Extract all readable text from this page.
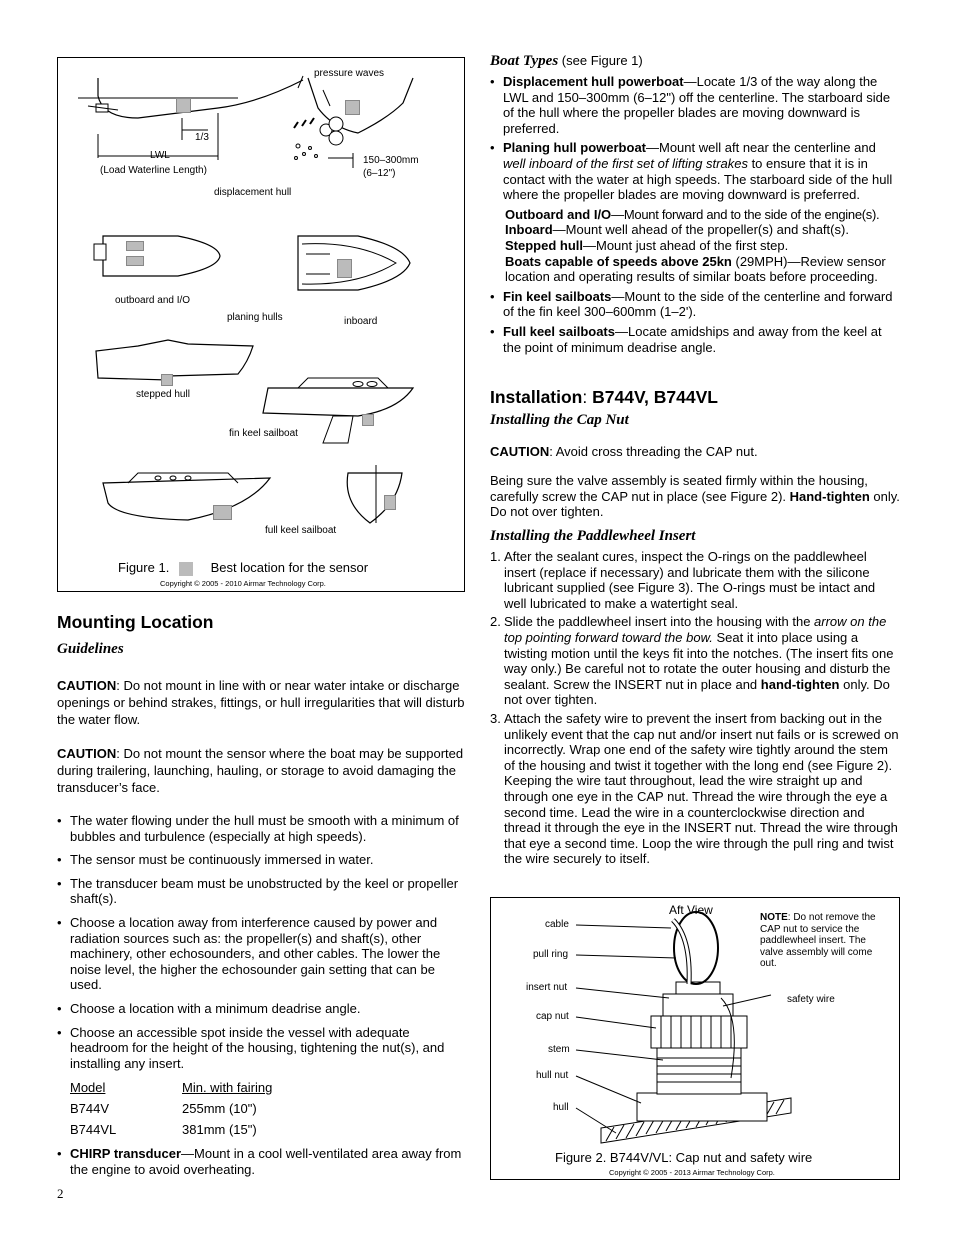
pressure waves
1/3
LWL
(Load Waterline Length)
150–300mm
(6–12")
displacement hull
outboard and I/O
planing hulls	inboard
stepped hull
fin keel sailboat
full keel sailboat
Figure 1.	Best location for the sensor
Copyright © 2005 - 2010 Airmar Technology Corp.
Mounting Location
Guidelines
CAUTION: Do not mount in line with or near water intake or discharge openings or behind strakes, fittings, or hull irregularities that will disturb the water flow.
CAUTION: Do not mount the sensor where the boat may be supported during trailering, launching, hauling, or storage to avoid damaging the transducer’s face.
• The water flowing under the hull must be smooth with a minimum of bubbles and turbulence (especially at high speeds).
• The sensor must be continuously immersed in water.
• The transducer beam must be unobstructed by the keel or propeller shaft(s).
• Choose a location away from interference caused by power and radiation sources such as: the propeller(s) and shaft(s), other machinery, other echosounders, and other cables. The lower the noise level, the higher the echosounder gain setting that can be used.
• Choose a location with a minimum deadrise angle.
• Choose an accessible spot inside the vessel with adequate headroom for the height of the housing, tightening the nut(s), and installing any insert.
Model	Min. with fairing
B744V	255mm (10")
B744VL	381mm (15")
• CHIRP transducer—Mount in a cool well-ventilated area away from the engine to avoid overheating.
2
Boat Types (see Figure 1)
• Displacement hull powerboat—Locate 1/3 of the way along the LWL and 150–300mm (6–12") off the centerline. The starboard side of the hull where the propeller blades are moving downward is preferred.
• Planing hull powerboat—Mount well aft near the centerline and well inboard of the first set of lifting strakes to ensure that it is in contact with the water at high speeds. The starboard side of the hull where the propeller blades are moving downward is preferred.
Outboard and I/O—Mount forward and to the side of the engine(s).
Inboard—Mount well ahead of the propeller(s) and shaft(s).
Stepped hull—Mount just ahead of the first step.
Boats capable of speeds above 25kn (29MPH)—Review sensor location and operating results of similar boats before proceeding.
• Fin keel sailboats—Mount to the side of the centerline and forward of the fin keel 300–600mm (1–2').
• Full keel sailboats—Locate amidships and away from the keel at the point of minimum deadrise angle.
Installation: B744V, B744VL
Installing the Cap Nut
CAUTION: Avoid cross threading the CAP nut.
Being sure the valve assembly is seated firmly within the housing, carefully screw the CAP nut in place (see Figure 2). Hand-tighten only. Do not over tighten.
Installing the Paddlewheel Insert
1. After the sealant cures, inspect the O-rings on the paddlewheel insert (replace if necessary) and lubricate them with the silicone lubricant supplied (see Figure 3). The O-rings must be intact and well lubricated to make a watertight seal.
2. Slide the paddlewheel insert into the housing with the arrow on the top pointing forward toward the bow. Seat it into place using a twisting motion until the keys fit into the notches. (The insert fits one way only.) Be careful not to rotate the outer housing and disturb the sealant. Screw the INSERT nut in place and hand-tighten only. Do not over tighten.
3. Attach the safety wire to prevent the insert from backing out in the unlikely event that the cap nut and/or insert nut fails or is screwed on incorrectly. Wrap one end of the safety wire tightly around the stem of the housing and twist it together with the long end (see Figure 2). Keeping the wire taut throughout, lead the wire straight up and through one eye in the CAP nut. Thread the wire through the eye a second time. Lead the wire in a counterclockwise direction and thread it through the eye in the INSERT nut. Thread the wire through that eye a second time. Loop the wire through the pull ring and twist the wire securely to itself.
Aft View
cable
pull ring
insert nut
cap nut
stem
hull nut
hull
safety wire
NOTE: Do not remove the CAP nut to service the paddlewheel insert. The valve assembly will come out.
Figure 2. B744V/VL: Cap nut and safety wire
Copyright © 2005 - 2013 Airmar Technology Corp.
